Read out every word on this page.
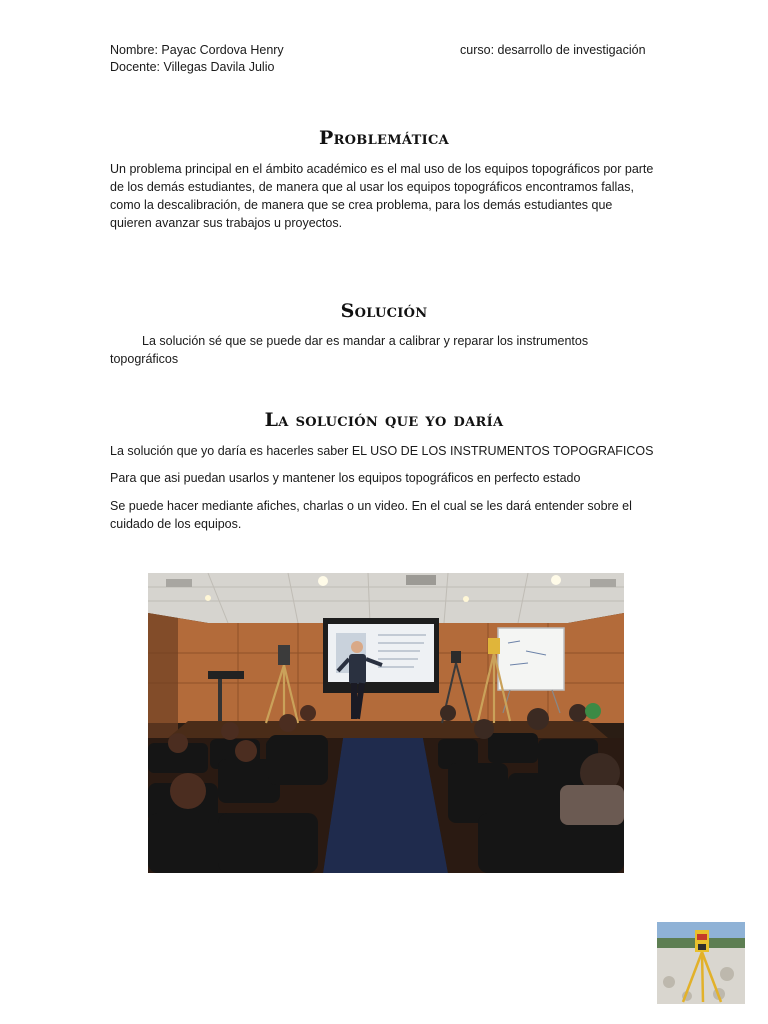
Nombre: Payac Cordova Henry
Docente: Villegas Davila Julio
curso: desarrollo de investigación
Problemática
Un problema principal en el ámbito académico es el mal uso de los equipos topográficos por parte de los demás estudiantes, de manera que al usar los equipos topográficos encontramos fallas, como la descalibración, de manera que se crea problema, para los demás estudiantes que quieren avanzar sus trabajos u proyectos.
Solución
La solución sé que se puede dar es mandar a calibrar y reparar los instrumentos topográficos
La solución que yo daría
La solución que yo daría es hacerles saber EL USO DE LOS INSTRUMENTOS TOPOGRAFICOS
Para que asi puedan usarlos y mantener los equipos topográficos en perfecto estado
Se puede hacer mediante afiches, charlas o un video. En el cual se les dará entender sobre el cuidado de los equipos.
